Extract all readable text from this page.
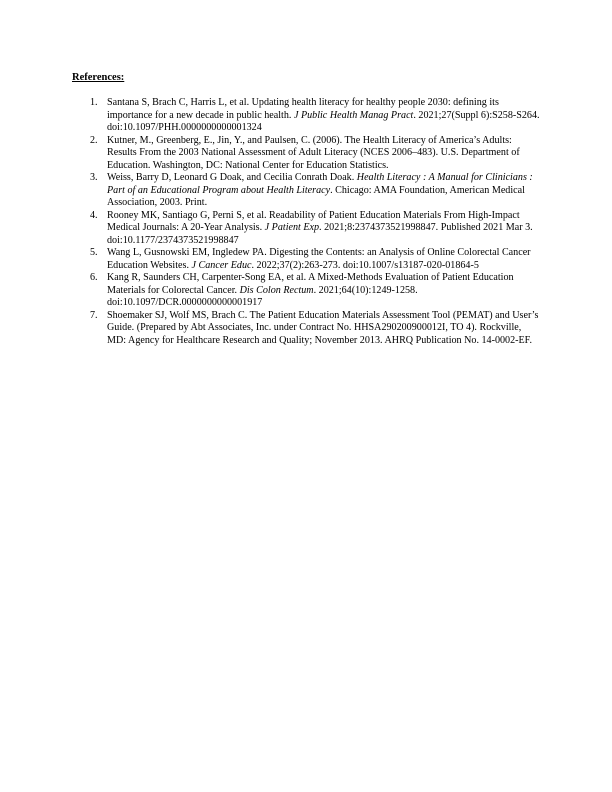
References:
1. Santana S, Brach C, Harris L, et al. Updating health literacy for healthy people 2030: defining its importance for a new decade in public health. J Public Health Manag Pract. 2021;27(Suppl 6):S258-S264. doi:10.1097/PHH.0000000000001324
2. Kutner, M., Greenberg, E., Jin, Y., and Paulsen, C. (2006). The Health Literacy of America’s Adults: Results From the 2003 National Assessment of Adult Literacy (NCES 2006–483). U.S. Department of Education. Washington, DC: National Center for Education Statistics.
3. Weiss, Barry D, Leonard G Doak, and Cecilia Conrath Doak. Health Literacy : A Manual for Clinicians : Part of an Educational Program about Health Literacy. Chicago: AMA Foundation, American Medical Association, 2003. Print.
4. Rooney MK, Santiago G, Perni S, et al. Readability of Patient Education Materials From High-Impact Medical Journals: A 20-Year Analysis. J Patient Exp. 2021;8:2374373521998847. Published 2021 Mar 3. doi:10.1177/2374373521998847
5. Wang L, Gusnowski EM, Ingledew PA. Digesting the Contents: an Analysis of Online Colorectal Cancer Education Websites. J Cancer Educ. 2022;37(2):263-273. doi:10.1007/s13187-020-01864-5
6. Kang R, Saunders CH, Carpenter-Song EA, et al. A Mixed-Methods Evaluation of Patient Education Materials for Colorectal Cancer. Dis Colon Rectum. 2021;64(10):1249-1258. doi:10.1097/DCR.0000000000001917
7. Shoemaker SJ, Wolf MS, Brach C. The Patient Education Materials Assessment Tool (PEMAT) and User’s Guide. (Prepared by Abt Associates, Inc. under Contract No. HHSA290200900012I, TO 4). Rockville, MD: Agency for Healthcare Research and Quality; November 2013. AHRQ Publication No. 14-0002-EF.
